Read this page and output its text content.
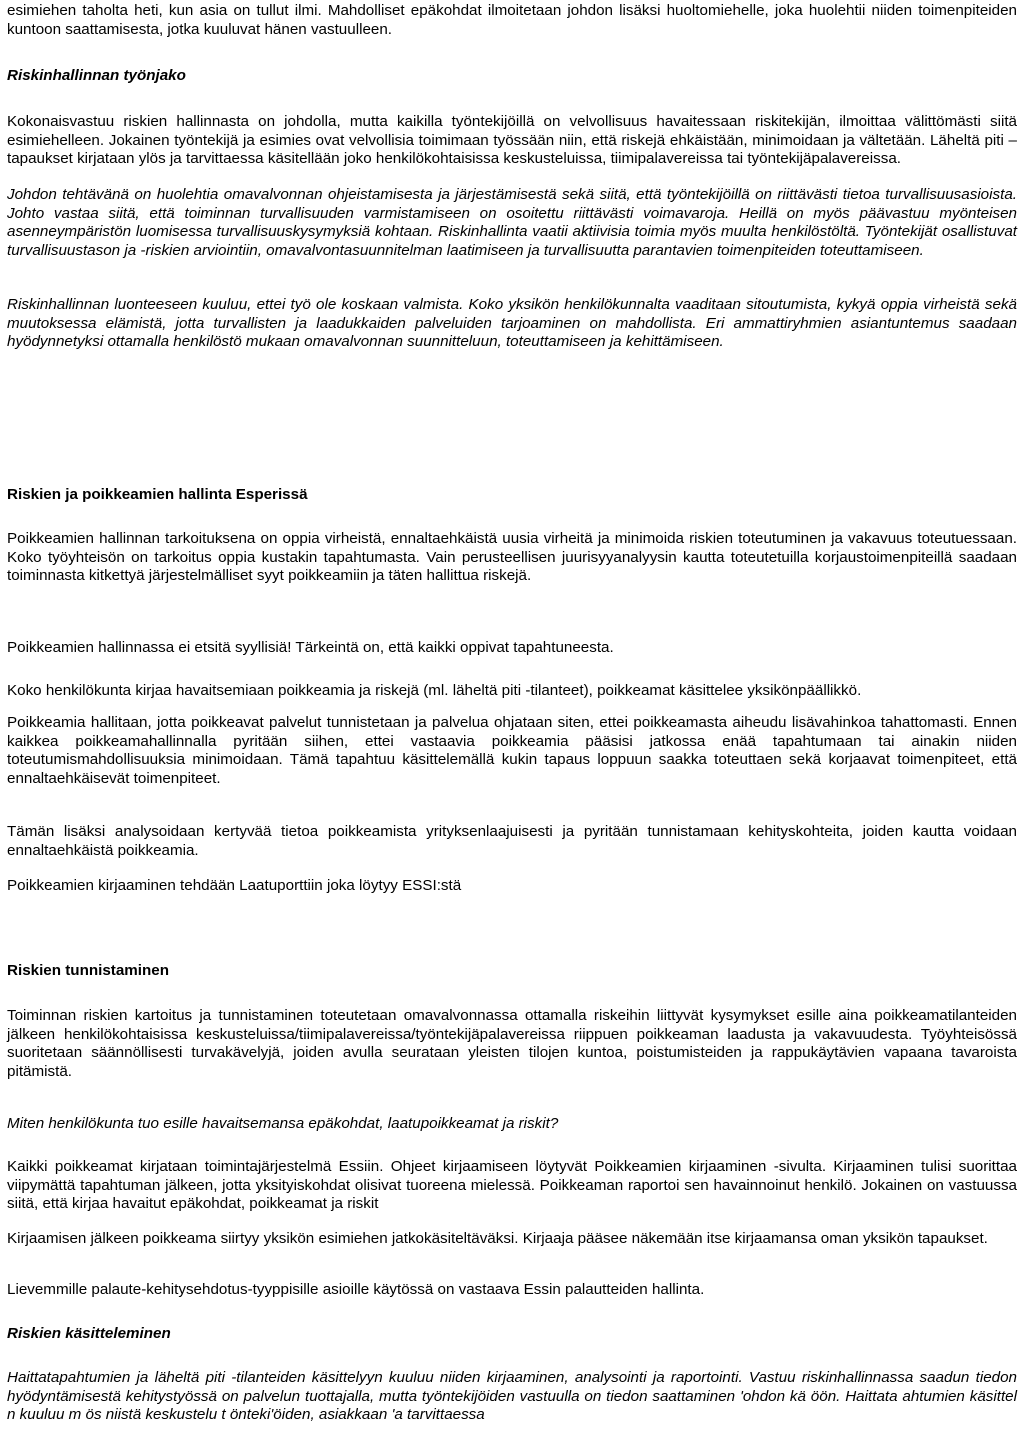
esimiehen taholta heti, kun asia on tullut ilmi. Mahdolliset epäkohdat ilmoitetaan johdon lisäksi huoltomiehelle, joka huolehtii niiden toimenpiteiden kuntoon saattamisesta, jotka kuuluvat hänen vastuulleen.

Riskinhallinnan työnjako

Kokonaisvastuu riskien hallinnasta on johdolla, mutta kaikilla työntekijöillä on velvollisuus havaitessaan riskitekijän, ilmoittaa välittömästi siitä esimiehelleen. Jokainen työntekijä ja esimies ovat velvollisia toimimaan työssään niin, että riskejä ehkäistään, minimoidaan ja vältetään. Läheltä piti – tapaukset kirjataan ylös ja tarvittaessa käsitellään joko henkilökohtaisissa keskusteluissa, tiimipalavereissa tai työntekijäpalavereissa.

Johdon tehtävänä on huolehtia omavalvonnan ohjeistamisesta ja järjestämisestä sekä siitä, että työntekijöillä on riittävästi tietoa turvallisuusasioista. Johto vastaa siitä, että toiminnan turvallisuuden varmistamiseen on osoitettu riittävästi voimavaroja. Heillä on myös päävastuu myönteisen asenneympäristön luomisessa turvallisuuskysymyksiä kohtaan. Riskinhallinta vaatii aktiivisia toimia myös muulta henkilöstöltä. Työntekijät osallistuvat turvallisuustason ja -riskien arviointiin, omavalvontasuunnitelman laatimiseen ja turvallisuutta parantavien toimenpiteiden toteuttamiseen.

Riskinhallinnan luonteeseen kuuluu, ettei työ ole koskaan valmista. Koko yksikön henkilökunnalta vaaditaan sitoutumista, kykyä oppia virheistä sekä muutoksessa elämistä, jotta turvallisten ja laadukkaiden palveluiden tarjoaminen on mahdollista. Eri ammattiryhmien asiantuntemus saadaan hyödynnetyksi ottamalla henkilöstö mukaan omavalvonnan suunnitteluun, toteuttamiseen ja kehittämiseen.

Riskien ja poikkeamien hallinta Esperissä

Poikkeamien hallinnan tarkoituksena on oppia virheistä, ennaltaehkäistä uusia virheitä ja minimoida riskien toteutuminen ja vakavuus toteutuessaan. Koko työyhteisön on tarkoitus oppia kustakin tapahtumasta. Vain perusteellisen juurisyyanalyysin kautta toteutetuilla korjaustoimenpiteillä saadaan toiminnasta kitkettyä järjestelmälliset syyt poikkeamiin ja täten hallittua riskejä.

Poikkeamien hallinnassa ei etsitä syyllisiä! Tärkeintä on, että kaikki oppivat tapahtuneesta.

Koko henkilökunta kirjaa havaitsemiaan poikkeamia ja riskejä (ml. läheltä piti -tilanteet), poikkeamat käsittelee yksikönpäällikkö.

Poikkeamia hallitaan, jotta poikkeavat palvelut tunnistetaan ja palvelua ohjataan siten, ettei poikkeamasta aiheudu lisävahinkoa tahattomasti. Ennen kaikkea poikkeamahallinnalla pyritään siihen, ettei vastaavia poikkeamia pääsisi jatkossa enää tapahtumaan tai ainakin niiden toteutumismahdollisuuksia minimoidaan. Tämä tapahtuu käsittelemällä kukin tapaus loppuun saakka toteuttaen sekä korjaavat toimenpiteet, että ennaltaehkäisevät toimenpiteet.

Tämän lisäksi analysoidaan kertyvää tietoa poikkeamista yrityksenlaajuisesti ja pyritään tunnistamaan kehityskohteita, joiden kautta voidaan ennaltaehkäistä poikkeamia.

Poikkeamien kirjaaminen tehdään Laatuporttiin joka löytyy ESSI:stä

Riskien tunnistaminen

Toiminnan riskien kartoitus ja tunnistaminen toteutetaan omavalvonnassa ottamalla riskeihin liittyvät kysymykset esille aina poikkeamatilanteiden jälkeen henkilökohtaisissa keskusteluissa/tiimipalavereissa/työntekijäpalavereissa riippuen poikkeaman laadusta ja vakavuudesta. Työyhteisössä suoritetaan säännöllisesti turvakävelyjä, joiden avulla seurataan yleisten tilojen kuntoa, poistumisteiden ja rappukäytävien vapaana tavaroista pitämistä.

Miten henkilökunta tuo esille havaitsemansa epäkohdat, laatupoikkeamat ja riskit?

Kaikki poikkeamat kirjataan toimintajärjestelmä Essiin. Ohjeet kirjaamiseen löytyvät Poikkeamien kirjaaminen -sivulta. Kirjaaminen tulisi suorittaa viipymättä tapahtuman jälkeen, jotta yksityiskohdat olisivat tuoreena mielessä. Poikkeaman raportoi sen havainnoinut henkilö. Jokainen on vastuussa siitä, että kirjaa havaitut epäkohdat, poikkeamat ja riskit

Kirjaamisen jälkeen poikkeama siirtyy yksikön esimiehen jatkokäsiteltäväksi. Kirjaaja pääsee näkemään itse kirjaamansa oman yksikön tapaukset.

Lievemmille palaute-kehitysehdotus-tyyppisille asioille käytössä on vastaava Essin palautteiden hallinta.

Riskien käsitteleminen

Haittatapahtumien ja läheltä piti -tilanteiden käsittelyyn kuuluu niiden kirjaaminen, analysointi ja raportointi. Vastuu riskinhallinnassa saadun tiedon hyödyntämisestä kehitystyössä on palvelun tuottajalla, mutta työntekijöiden vastuulla on tiedon saattaminen 'ohdon kä öön. Haittata ahtumien käsittel n kuuluu m ös niistä keskustelu t önteki'öiden, asiakkaan 'a tarvittaessa
